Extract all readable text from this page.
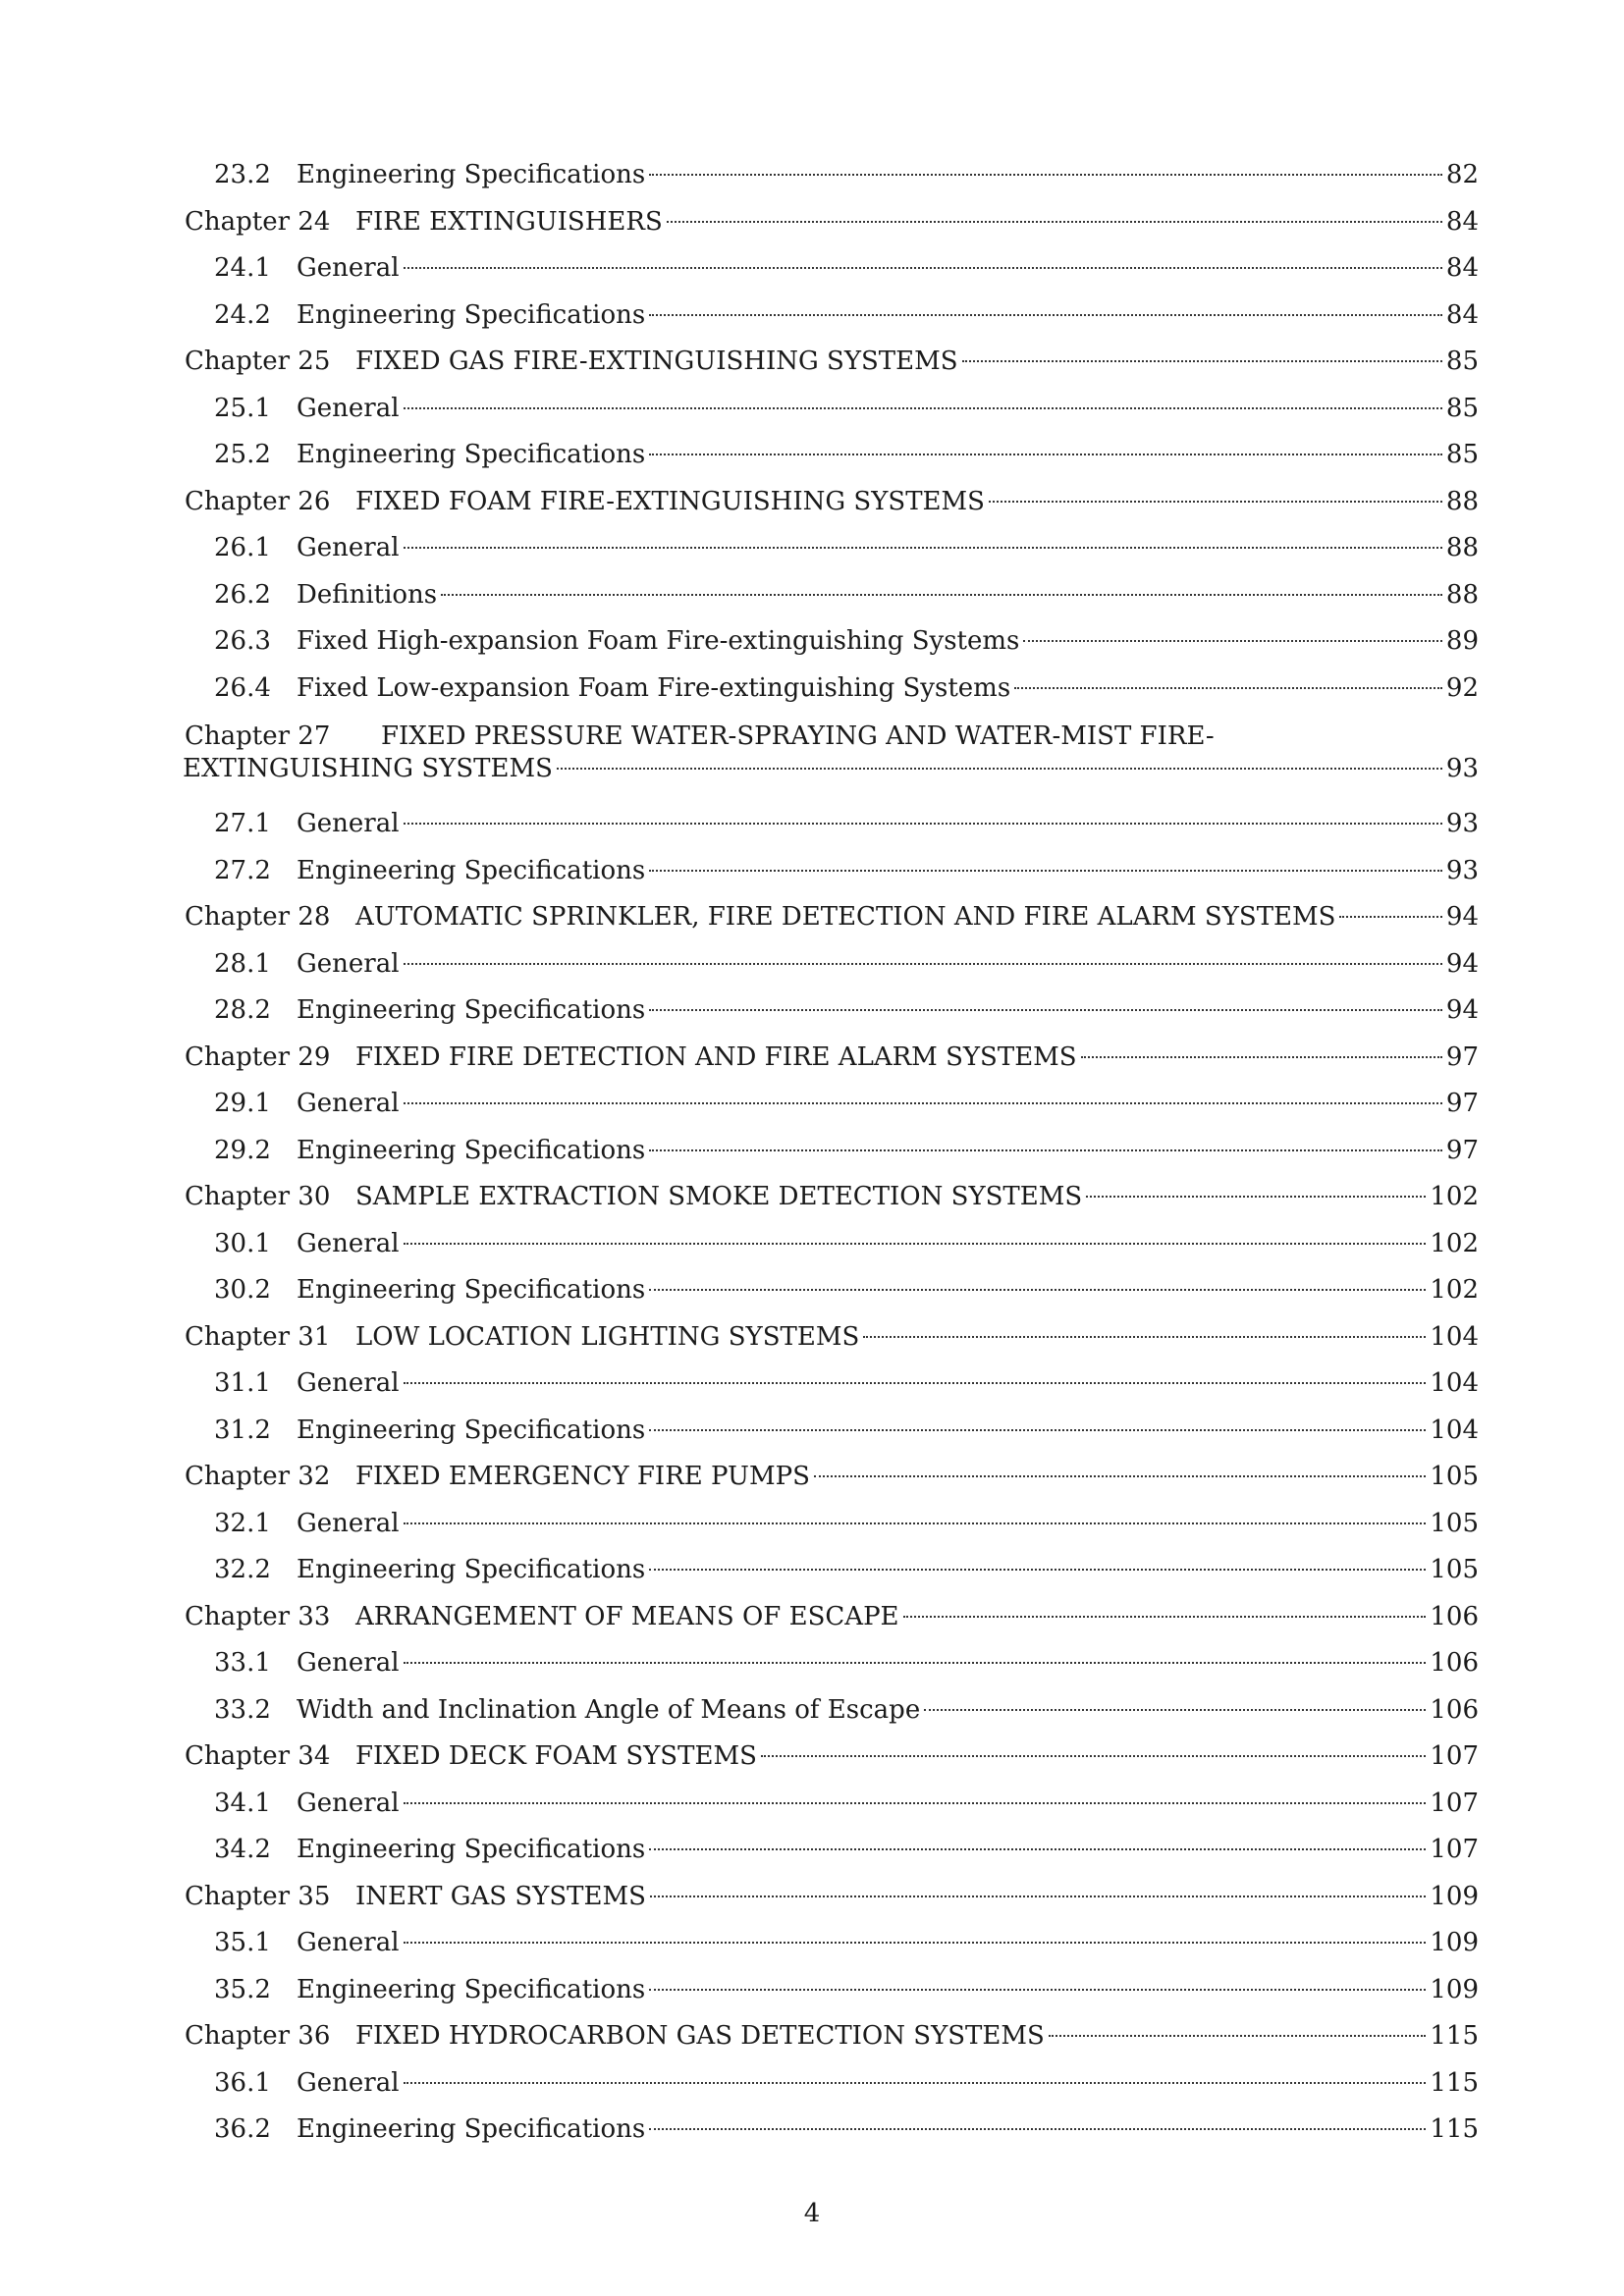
23.2	Engineering Specifications	82
Chapter 24 FIRE EXTINGUISHERS	84
24.1	General	84
24.2	Engineering Specifications	84
Chapter 25 FIXED GAS FIRE-EXTINGUISHING SYSTEMS	85
25.1	General	85
25.2	Engineering Specifications	85
Chapter 26 FIXED FOAM FIRE-EXTINGUISHING SYSTEMS	88
26.1	General	88
26.2	Definitions	88
26.3	Fixed High-expansion Foam Fire-extinguishing Systems	89
26.4	Fixed Low-expansion Foam Fire-extinguishing Systems	92
Chapter 27	FIXED PRESSURE WATER-SPRAYING AND WATER-MIST FIRE-
EXTINGUISHING SYSTEMS	93
27.1	General	93
27.2	Engineering Specifications	93
Chapter 28 AUTOMATIC SPRINKLER, FIRE DETECTION AND FIRE ALARM SYSTEMS	94
28.1	General	94
28.2	Engineering Specifications	94
Chapter 29 FIXED FIRE DETECTION AND FIRE ALARM SYSTEMS	97
29.1	General	97
29.2	Engineering Specifications	97
Chapter 30 SAMPLE EXTRACTION SMOKE DETECTION SYSTEMS	102
30.1	General	102
30.2	Engineering Specifications	102
Chapter 31 LOW LOCATION LIGHTING SYSTEMS	104
31.1	General	104
31.2	Engineering Specifications	104
Chapter 32 FIXED EMERGENCY FIRE PUMPS	105
32.1	General	105
32.2	Engineering Specifications	105
Chapter 33 ARRANGEMENT OF MEANS OF ESCAPE	106
33.1	General	106
33.2	Width and Inclination Angle of Means of Escape	106
Chapter 34 FIXED DECK FOAM SYSTEMS	107
34.1	General	107
34.2	Engineering Specifications	107
Chapter 35 INERT GAS SYSTEMS	109
35.1	General	109
35.2	Engineering Specifications	109
Chapter 36 FIXED HYDROCARBON GAS DETECTION SYSTEMS	115
36.1	General	115
36.2	Engineering Specifications	115
4
